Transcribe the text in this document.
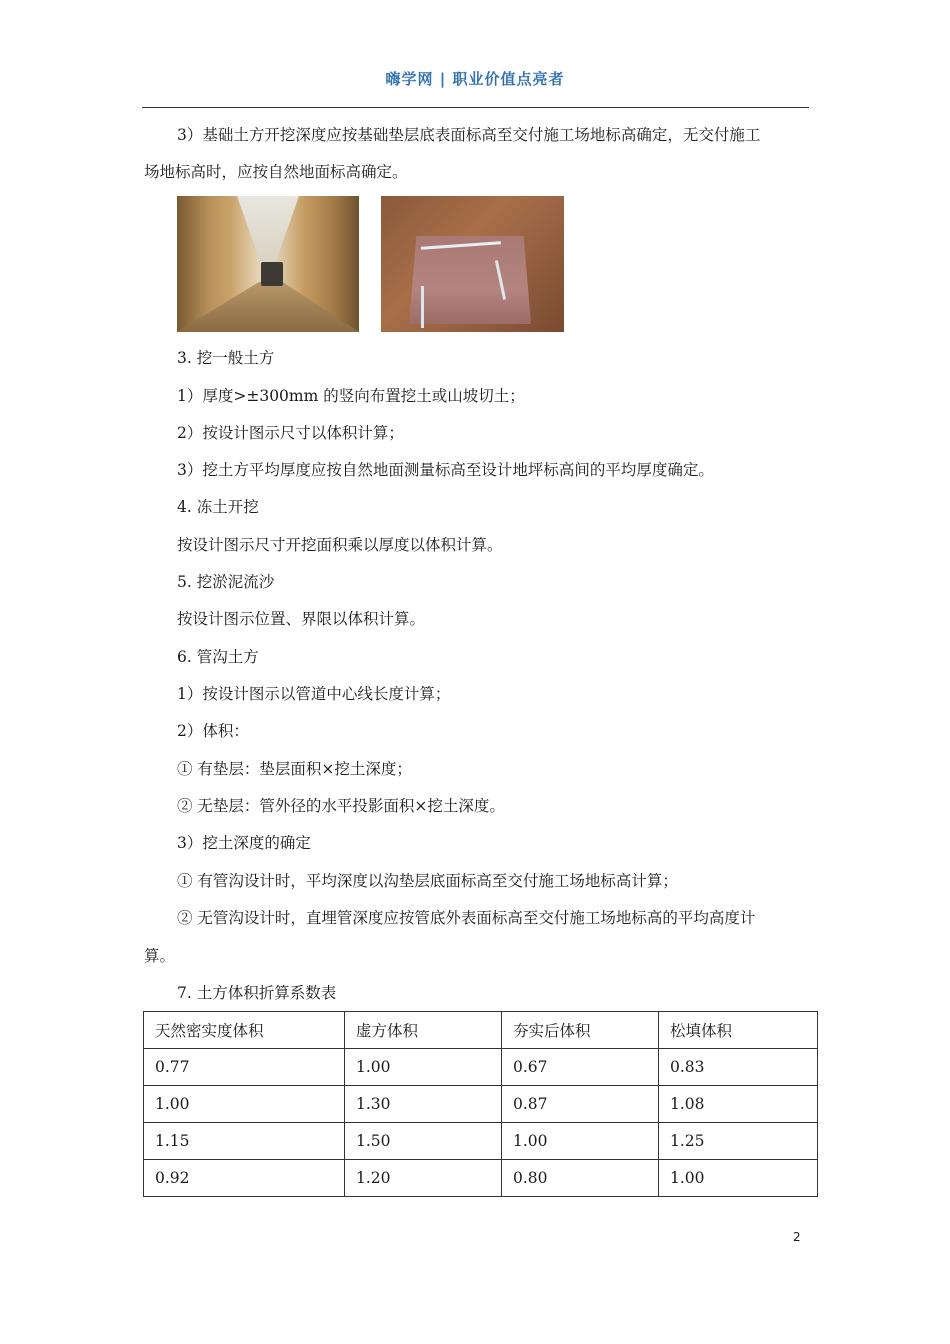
嗨学网 | 职业价值点亮者
3）基础土方开挖深度应按基础垫层底表面标高至交付施工场地标高确定，无交付施工
场地标高时，应按自然地面标高确定。
3. 挖一般土方
1）厚度>±300mm 的竖向布置挖土或山坡切土；
2）按设计图示尺寸以体积计算；
3）挖土方平均厚度应按自然地面测量标高至设计地坪标高间的平均厚度确定。
4. 冻土开挖
按设计图示尺寸开挖面积乘以厚度以体积计算。
5. 挖淤泥流沙
按设计图示位置、界限以体积计算。
6. 管沟土方
1）按设计图示以管道中心线长度计算；
2）体积：
① 有垫层：垫层面积×挖土深度；
② 无垫层：管外径的水平投影面积×挖土深度。
3）挖土深度的确定
① 有管沟设计时，平均深度以沟垫层底面标高至交付施工场地标高计算；
② 无管沟设计时，直埋管深度应按管底外表面标高至交付施工场地标高的平均高度计
算。
7. 土方体积折算系数表
天然密实度体积	虚方体积	夯实后体积	松填体积
0.77	1.00	0.67	0.83
1.00	1.30	0.87	1.08
1.15	1.50	1.00	1.25
0.92	1.20	0.80	1.00
2
